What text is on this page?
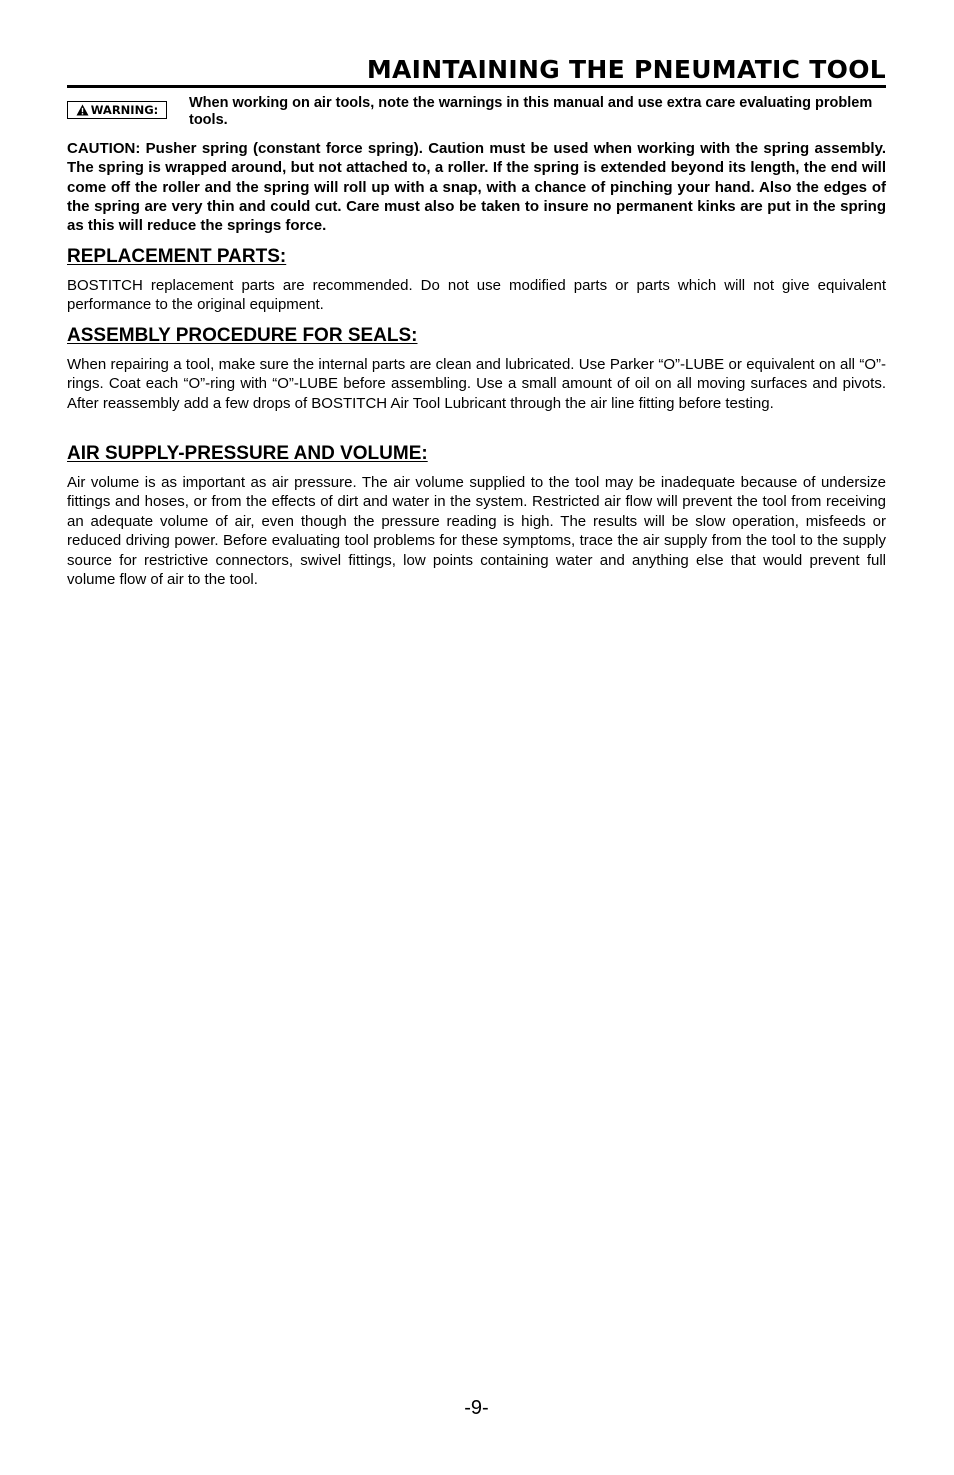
MAINTAINING THE PNEUMATIC TOOL
WARNING: When working on air tools, note the warnings in this manual and use extra care evaluating problem tools.

CAUTION: Pusher spring (constant force spring). Caution must be used when working with the spring assembly. The spring is wrapped around, but not attached to, a roller. If the spring is extended beyond its length, the end will come off the roller and the spring will roll up with a snap, with a chance of pinching your hand. Also the edges of the spring are very thin and could cut. Care must also be taken to insure no permanent kinks are put in the spring as this will reduce the springs force.

REPLACEMENT PARTS:

BOSTITCH replacement parts are recommended. Do not use modified parts or parts which will not give equivalent performance to the original equipment.

ASSEMBLY PROCEDURE FOR SEALS:

When repairing a tool, make sure the internal parts are clean and lubricated. Use Parker “O”-LUBE or equivalent on all “O”-rings. Coat each “O”-ring with “O”-LUBE before assembling. Use a small amount of oil on all moving surfaces and pivots. After reassembly add a few drops of BOSTITCH Air Tool Lubricant through the air line fitting before testing.

AIR SUPPLY-PRESSURE AND VOLUME:

Air volume is as important as air pressure. The air volume supplied to the tool may be inadequate because of undersize fittings and hoses, or from the effects of dirt and water in the system. Restricted air flow will prevent the tool from receiving an adequate volume of air, even though the pressure reading is high. The results will be slow operation, misfeeds or reduced driving power. Before evaluating tool problems for these symptoms, trace the air supply from the tool to the supply source for restrictive connectors, swivel fittings, low points containing water and anything else that would prevent full volume flow of air to the tool.

-9-
